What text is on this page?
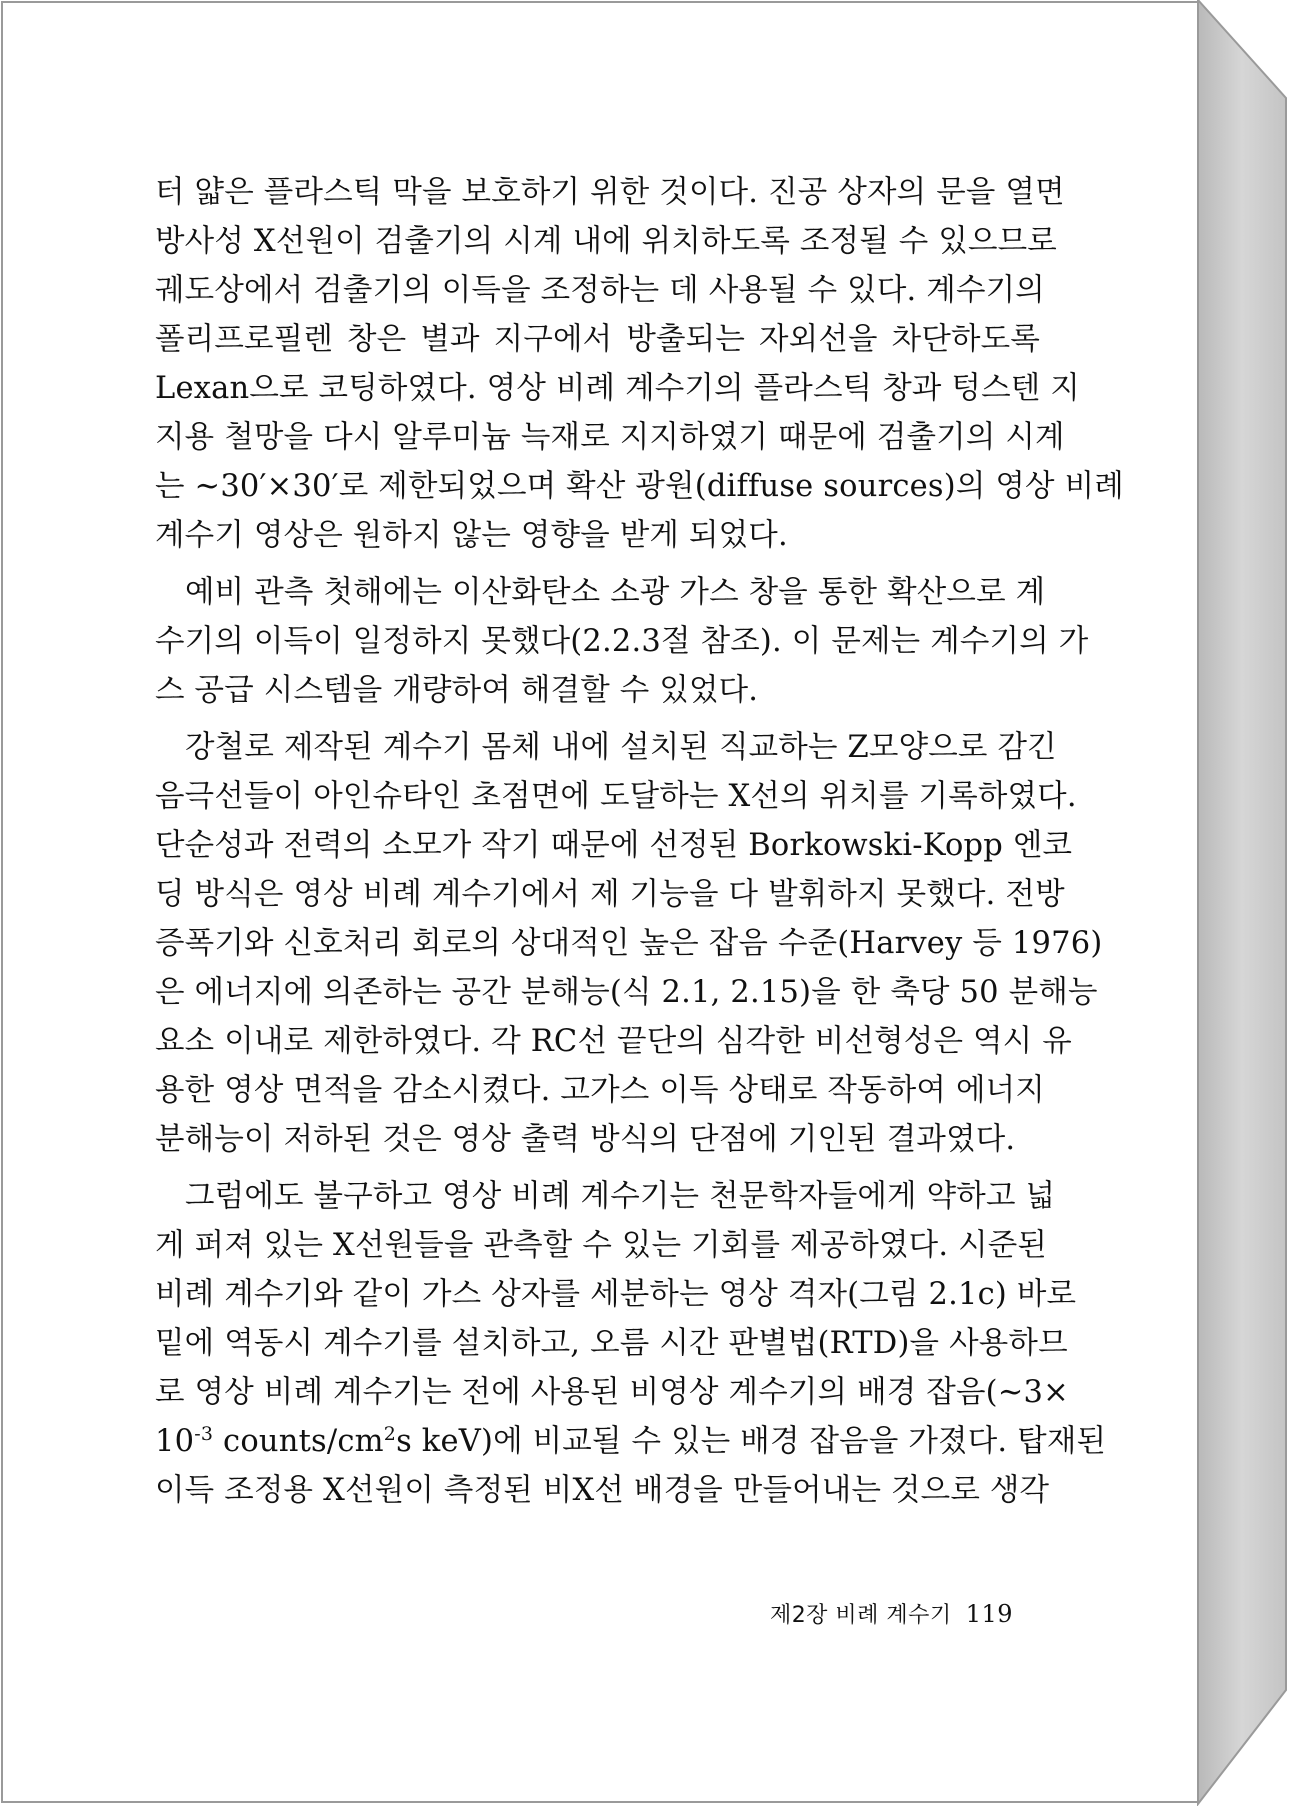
터 얇은 플라스틱 막을 보호하기 위한 것이다. 진공 상자의 문을 열면
방사성 X선원이 검출기의 시계 내에 위치하도록 조정될 수 있으므로
궤도상에서 검출기의 이득을 조정하는 데 사용될 수 있다. 계수기의
폴리프로필렌 창은 별과 지구에서 방출되는 자외선을 차단하도록
Lexan으로 코팅하였다. 영상 비례 계수기의 플라스틱 창과 텅스텐 지
지용 철망을 다시 알루미늄 늑재로 지지하였기 때문에 검출기의 시계
는 ~30′×30′로 제한되었으며 확산 광원(diffuse sources)의 영상 비례
계수기 영상은 원하지 않는 영향을 받게 되었다.
예비 관측 첫해에는 이산화탄소 소광 가스 창을 통한 확산으로 계
수기의 이득이 일정하지 못했다(2.2.3절 참조). 이 문제는 계수기의 가
스 공급 시스템을 개량하여 해결할 수 있었다.
강철로 제작된 계수기 몸체 내에 설치된 직교하는 Z모양으로 감긴
음극선들이 아인슈타인 초점면에 도달하는 X선의 위치를 기록하였다.
단순성과 전력의 소모가 작기 때문에 선정된 Borkowski-Kopp 엔코
딩 방식은 영상 비례 계수기에서 제 기능을 다 발휘하지 못했다. 전방
증폭기와 신호처리 회로의 상대적인 높은 잡음 수준(Harvey 등 1976)
은 에너지에 의존하는 공간 분해능(식 2.1, 2.15)을 한 축당 50 분해능
요소 이내로 제한하였다. 각 RC선 끝단의 심각한 비선형성은 역시 유
용한 영상 면적을 감소시켰다. 고가스 이득 상태로 작동하여 에너지
분해능이 저하된 것은 영상 출력 방식의 단점에 기인된 결과였다.
그럼에도 불구하고 영상 비례 계수기는 천문학자들에게 약하고 넓
게 퍼져 있는 X선원들을 관측할 수 있는 기회를 제공하였다. 시준된
비례 계수기와 같이 가스 상자를 세분하는 영상 격자(그림 2.1c) 바로
밑에 역동시 계수기를 설치하고, 오름 시간 판별법(RTD)을 사용하므
로 영상 비례 계수기는 전에 사용된 비영상 계수기의 배경 잡음(~3×
$10^{-3}$ counts/$cm^2s$ keV)에 비교될 수 있는 배경 잡음을 가졌다. 탑재된
이득 조정용 X선원이 측정된 비X선 배경을 만들어내는 것으로 생각
제2장 비례 계수기 119
